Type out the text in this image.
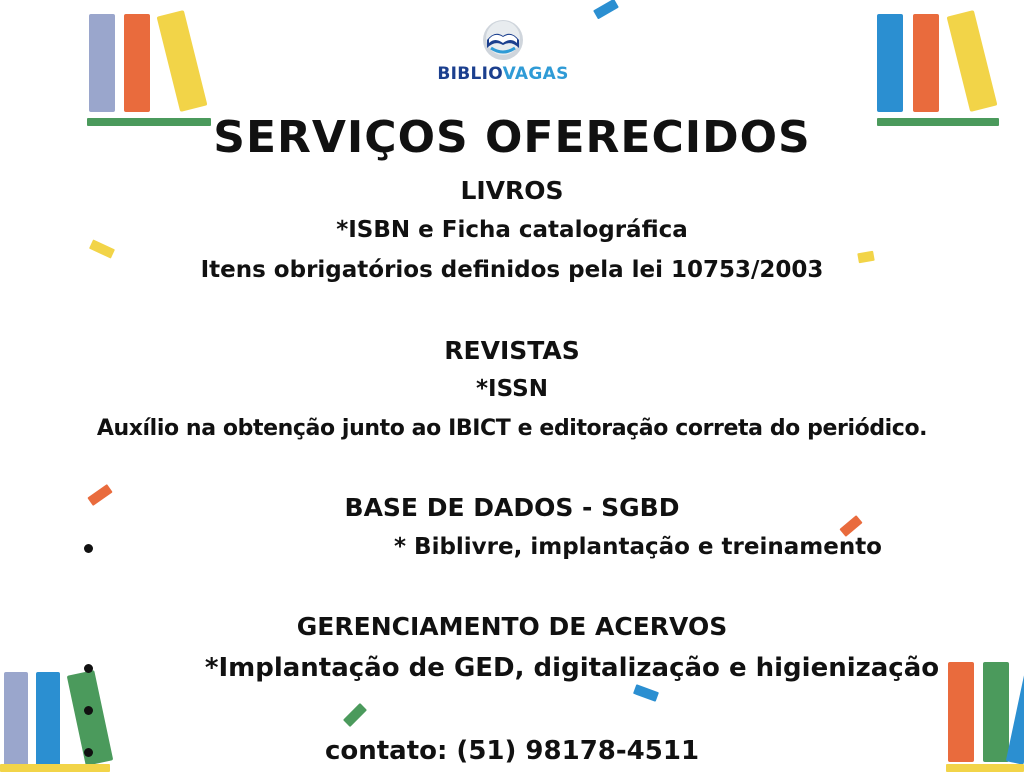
BIBLIOVAGAS
SERVIÇOS OFERECIDOS
LIVROS
*ISBN e Ficha catalográfica
Itens obrigatórios definidos pela lei 10753/2003
REVISTAS
*ISSN
Auxílio na obtenção junto ao IBICT e editoração correta do periódico.
BASE DE DADOS - SGBD
* Biblivre, implantação e treinamento
GERENCIAMENTO DE ACERVOS
*Implantação de GED, digitalização e higienização
contato: (51) 98178-4511
